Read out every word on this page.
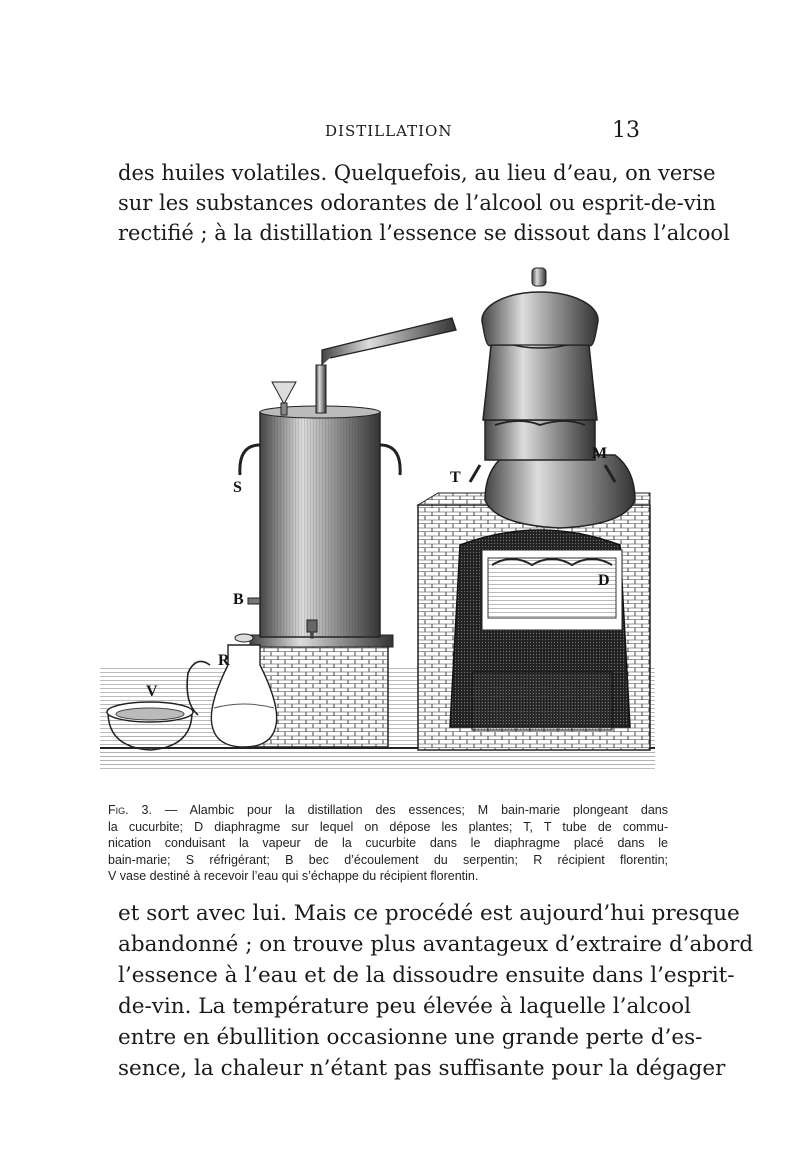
DISTILLATION	13

des huiles volatiles. Quelquefois, au lieu d’eau, on verse
sur les substances odorantes de l’alcool ou esprit-de-vin
rectifié ; à la distillation l’essence se dissout dans l’alcool

S
B
R
V
T
M
D
Fig. 3. — Alambic pour la distillation des essences; M bain-marie plongeant dans
la cucurbite; D diaphragme sur lequel on dépose les plantes; T, T tube de commu-
nication conduisant la vapeur de la cucurbite dans le diaphragme placé dans le
bain-marie; S réfrigérant; B bec d’écoulement du serpentin; R récipient florentin;
V vase destiné à recevoir l’eau qui s’échappe du récipient florentin.

et sort avec lui. Mais ce procédé est aujourd’hui presque
abandonné ; on trouve plus avantageux d’extraire d’abord
l’essence à l’eau et de la dissoudre ensuite dans l’esprit-
de-vin. La température peu élevée à laquelle l’alcool
entre en ébullition occasionne une grande perte d’es-
sence, la chaleur n’étant pas suffisante pour la dégager
